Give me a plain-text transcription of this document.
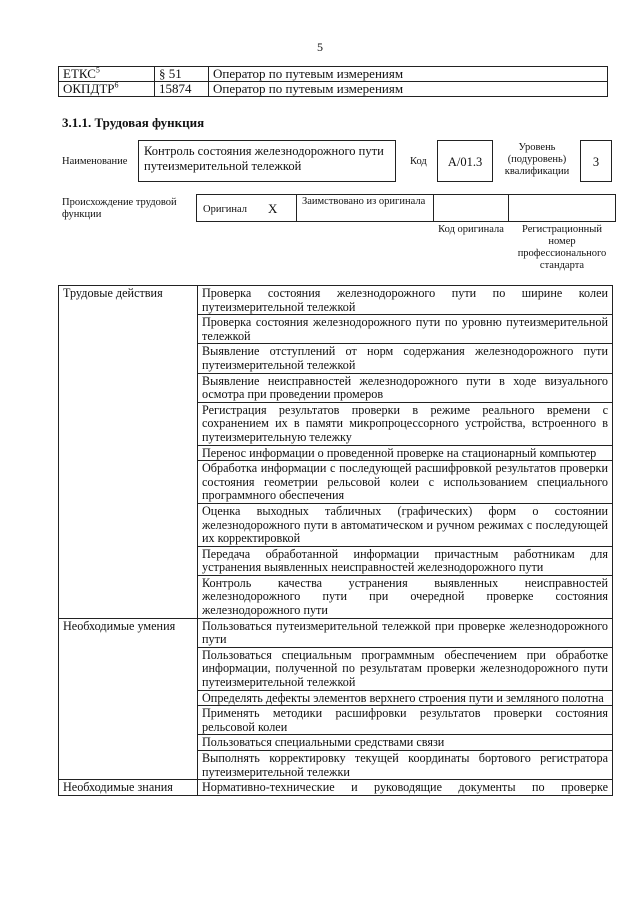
5
ЕТКС$^5$	§ 51	Оператор по путевым измерениям
ОКПДТР$^6$	15874	Оператор по путевым измерениям
3.1.1. Трудовая функция
Наименование
Контроль состояния железнодорожного пути путеизмерительной тележкой	Код	A/01.3
Уровень (подуровень) квалификации
3
Происхождение трудовой функции	Оригинал X Заимствовано из оригинала
Код оригинала	Регистрационный номер профессионального стандарта
Трудовые действия	Проверка состояния железнодорожного пути по ширине колеи путеизмерительной тележкой
	Проверка состояния железнодорожного пути по уровню путеизмерительной тележкой
	Выявление отступлений от норм содержания железнодорожного пути путеизмерительной тележкой
	Выявление неисправностей железнодорожного пути в ходе визуального осмотра при проведении промеров
	Регистрация результатов проверки в режиме реального времени с сохранением их в памяти микропроцессорного устройства, встроенного в путеизмерительную тележку
	Перенос информации о проведенной проверке на стационарный компьютер
	Обработка информации с последующей расшифровкой результатов проверки состояния геометрии рельсовой колеи с использованием специального программного обеспечения
	Оценка выходных табличных (графических) форм о состоянии железнодорожного пути в автоматическом и ручном режимах с последующей их корректировкой
	Передача обработанной информации причастным работникам для устранения выявленных неисправностей железнодорожного пути
	Контроль качества устранения выявленных неисправностей железнодорожного пути при очередной проверке состояния железнодорожного пути
Необходимые умения	Пользоваться путеизмерительной тележкой при проверке железнодорожного пути
	Пользоваться специальным программным обеспечением при обработке информации, полученной по результатам проверки железнодорожного пути путеизмерительной тележкой
	Определять дефекты элементов верхнего строения пути и земляного полотна
	Применять методики расшифровки результатов проверки состояния рельсовой колеи
	Пользоваться специальными средствами связи
	Выполнять корректировку текущей координаты бортового регистратора путеизмерительной тележки
Необходимые знания	Нормативно-технические и руководящие документы по проверке
